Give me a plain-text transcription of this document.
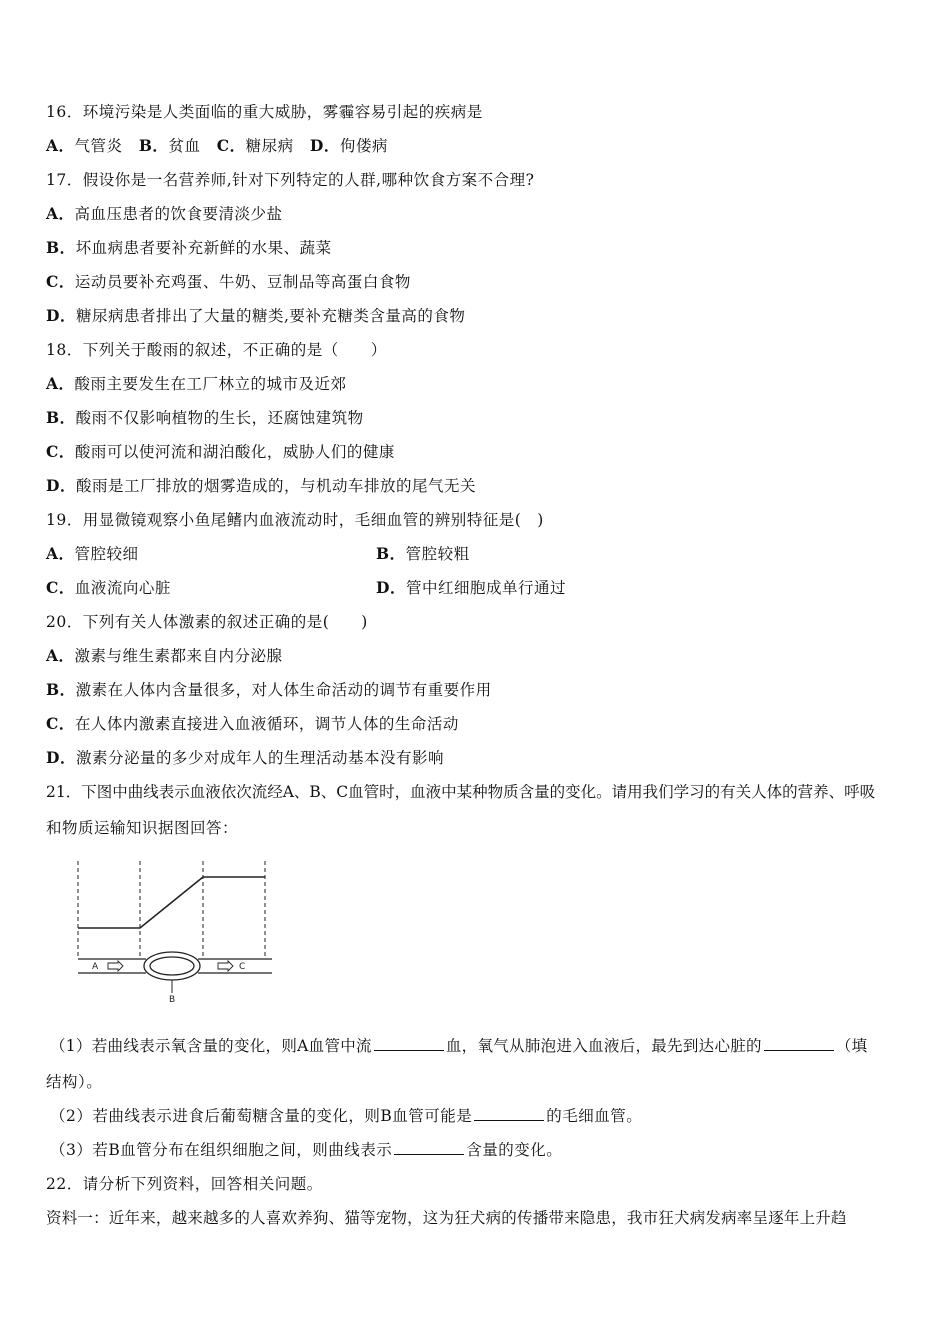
16．环境污染是人类面临的重大威胁，雾霾容易引起的疾病是
A．气管炎 B．贫血 C．糖尿病 D．佝偻病
17．假设你是一名营养师,针对下列特定的人群,哪种饮食方案不合理?
A．高血压患者的饮食要清淡少盐
B．坏血病患者要补充新鲜的水果、蔬菜
C．运动员要补充鸡蛋、牛奶、豆制品等高蛋白食物
D．糖尿病患者排出了大量的糖类,要补充糖类含量高的食物
18．下列关于酸雨的叙述，不正确的是（　　）
A．酸雨主要发生在工厂林立的城市及近郊
B．酸雨不仅影响植物的生长，还腐蚀建筑物
C．酸雨可以使河流和湖泊酸化，威胁人们的健康
D．酸雨是工厂排放的烟雾造成的，与机动车排放的尾气无关
19．用显微镜观察小鱼尾鳍内血液流动时，毛细血管的辨别特征是(　)
A．管腔较细	B．管腔较粗
C．血液流向心脏	D．管中红细胞成单行通过
20．下列有关人体激素的叙述正确的是(　　)
A．激素与维生素都来自内分泌腺
B．激素在人体内含量很多，对人体生命活动的调节有重要作用
C．在人体内激素直接进入血液循环，调节人体的生命活动
D．激素分泌量的多少对成年人的生理活动基本没有影响
21．下图中曲线表示血液依次流经A、B、C血管时，血液中某种物质含量的变化。请用我们学习的有关人体的营养、呼吸
和物质运输知识据图回答：
A	C
B
（1）若曲线表示氧含量的变化，则A血管中流	血，氧气从肺泡进入血液后，最先到达心脏的	（填
结构）。
（2）若曲线表示进食后葡萄糖含量的变化，则B血管可能是	的毛细血管。
（3）若B血管分布在组织细胞之间，则曲线表示	含量的变化。
22．请分析下列资料，回答相关问题。
资料一：近年来，越来越多的人喜欢养狗、猫等宠物，这为狂犬病的传播带来隐患，我市狂犬病发病率呈逐年上升趋
